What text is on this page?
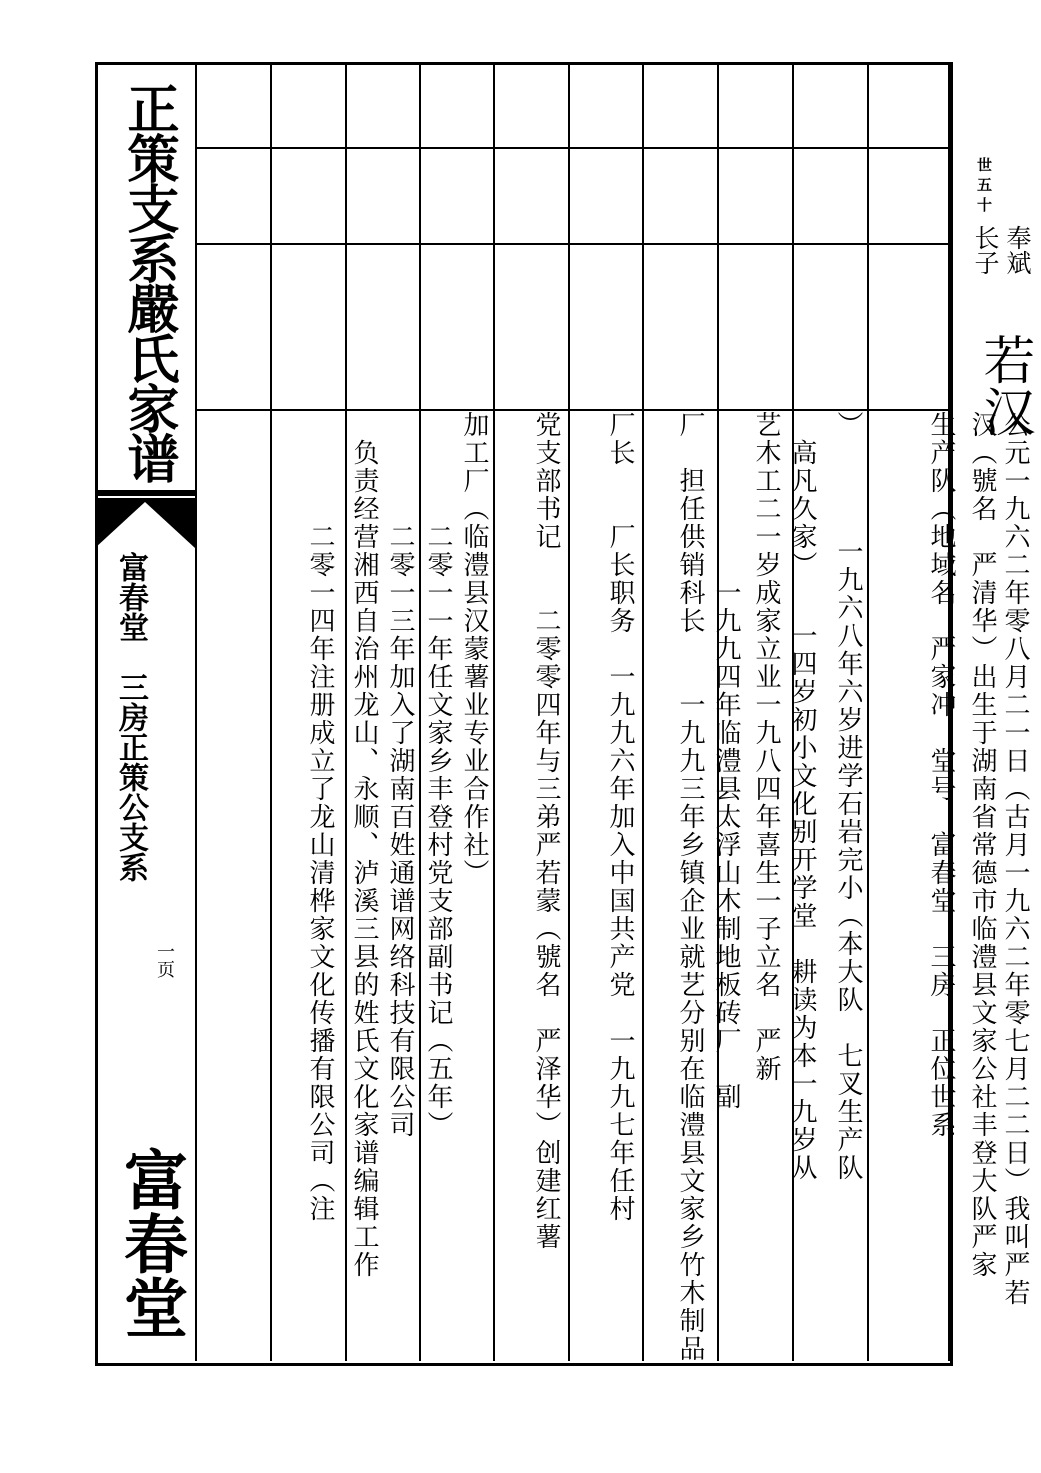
正策支系嚴氏家谱
富春堂　三房正策公支系
一页
富春堂
世五十
奉斌
长子
若汉
公元一九六二年零八月二一日（古月一九六二年零七月二二日）我叫严若
汉（號名　严清华）出生于湖南省常德市临澧县文家公社丰登大队严家
生产队（地域名　严家冲　堂号　富春堂　三房　正位世系
）　　　　一九六八年六岁进学石岩完小（本大队　七叉生产队
艺木工二一岁成家立业一九八四年喜生一子立名　严新 　高凡久家）　　一四岁初小文化别开学堂　耕读为本一九岁从
厂　担任供销科长　　一九九三年乡镇企业就艺分别在临澧县文家乡竹木制品 　　　　　　一九九四年临澧县太浮山木制地板砖厂　副
厂长　　厂长职务　一九九六年加入中国共产党　一九九七年任村
党支部书记　　二零零四年与三弟严若蒙（號名　严泽华）创建红薯
加工厂（临澧县汉蒙薯业专业合作社）
　　　　二零一一年任文家乡丰登村党支部副书记（五年）
　　　　二零一三年加入了湖南百姓通谱网络科技有限公司
　负责经营湘西自治州龙山、永顺、泸溪三县的姓氏文化家谱编辑工作
　　　　二零一四年注册成立了龙山清桦家文化传播有限公司（注
